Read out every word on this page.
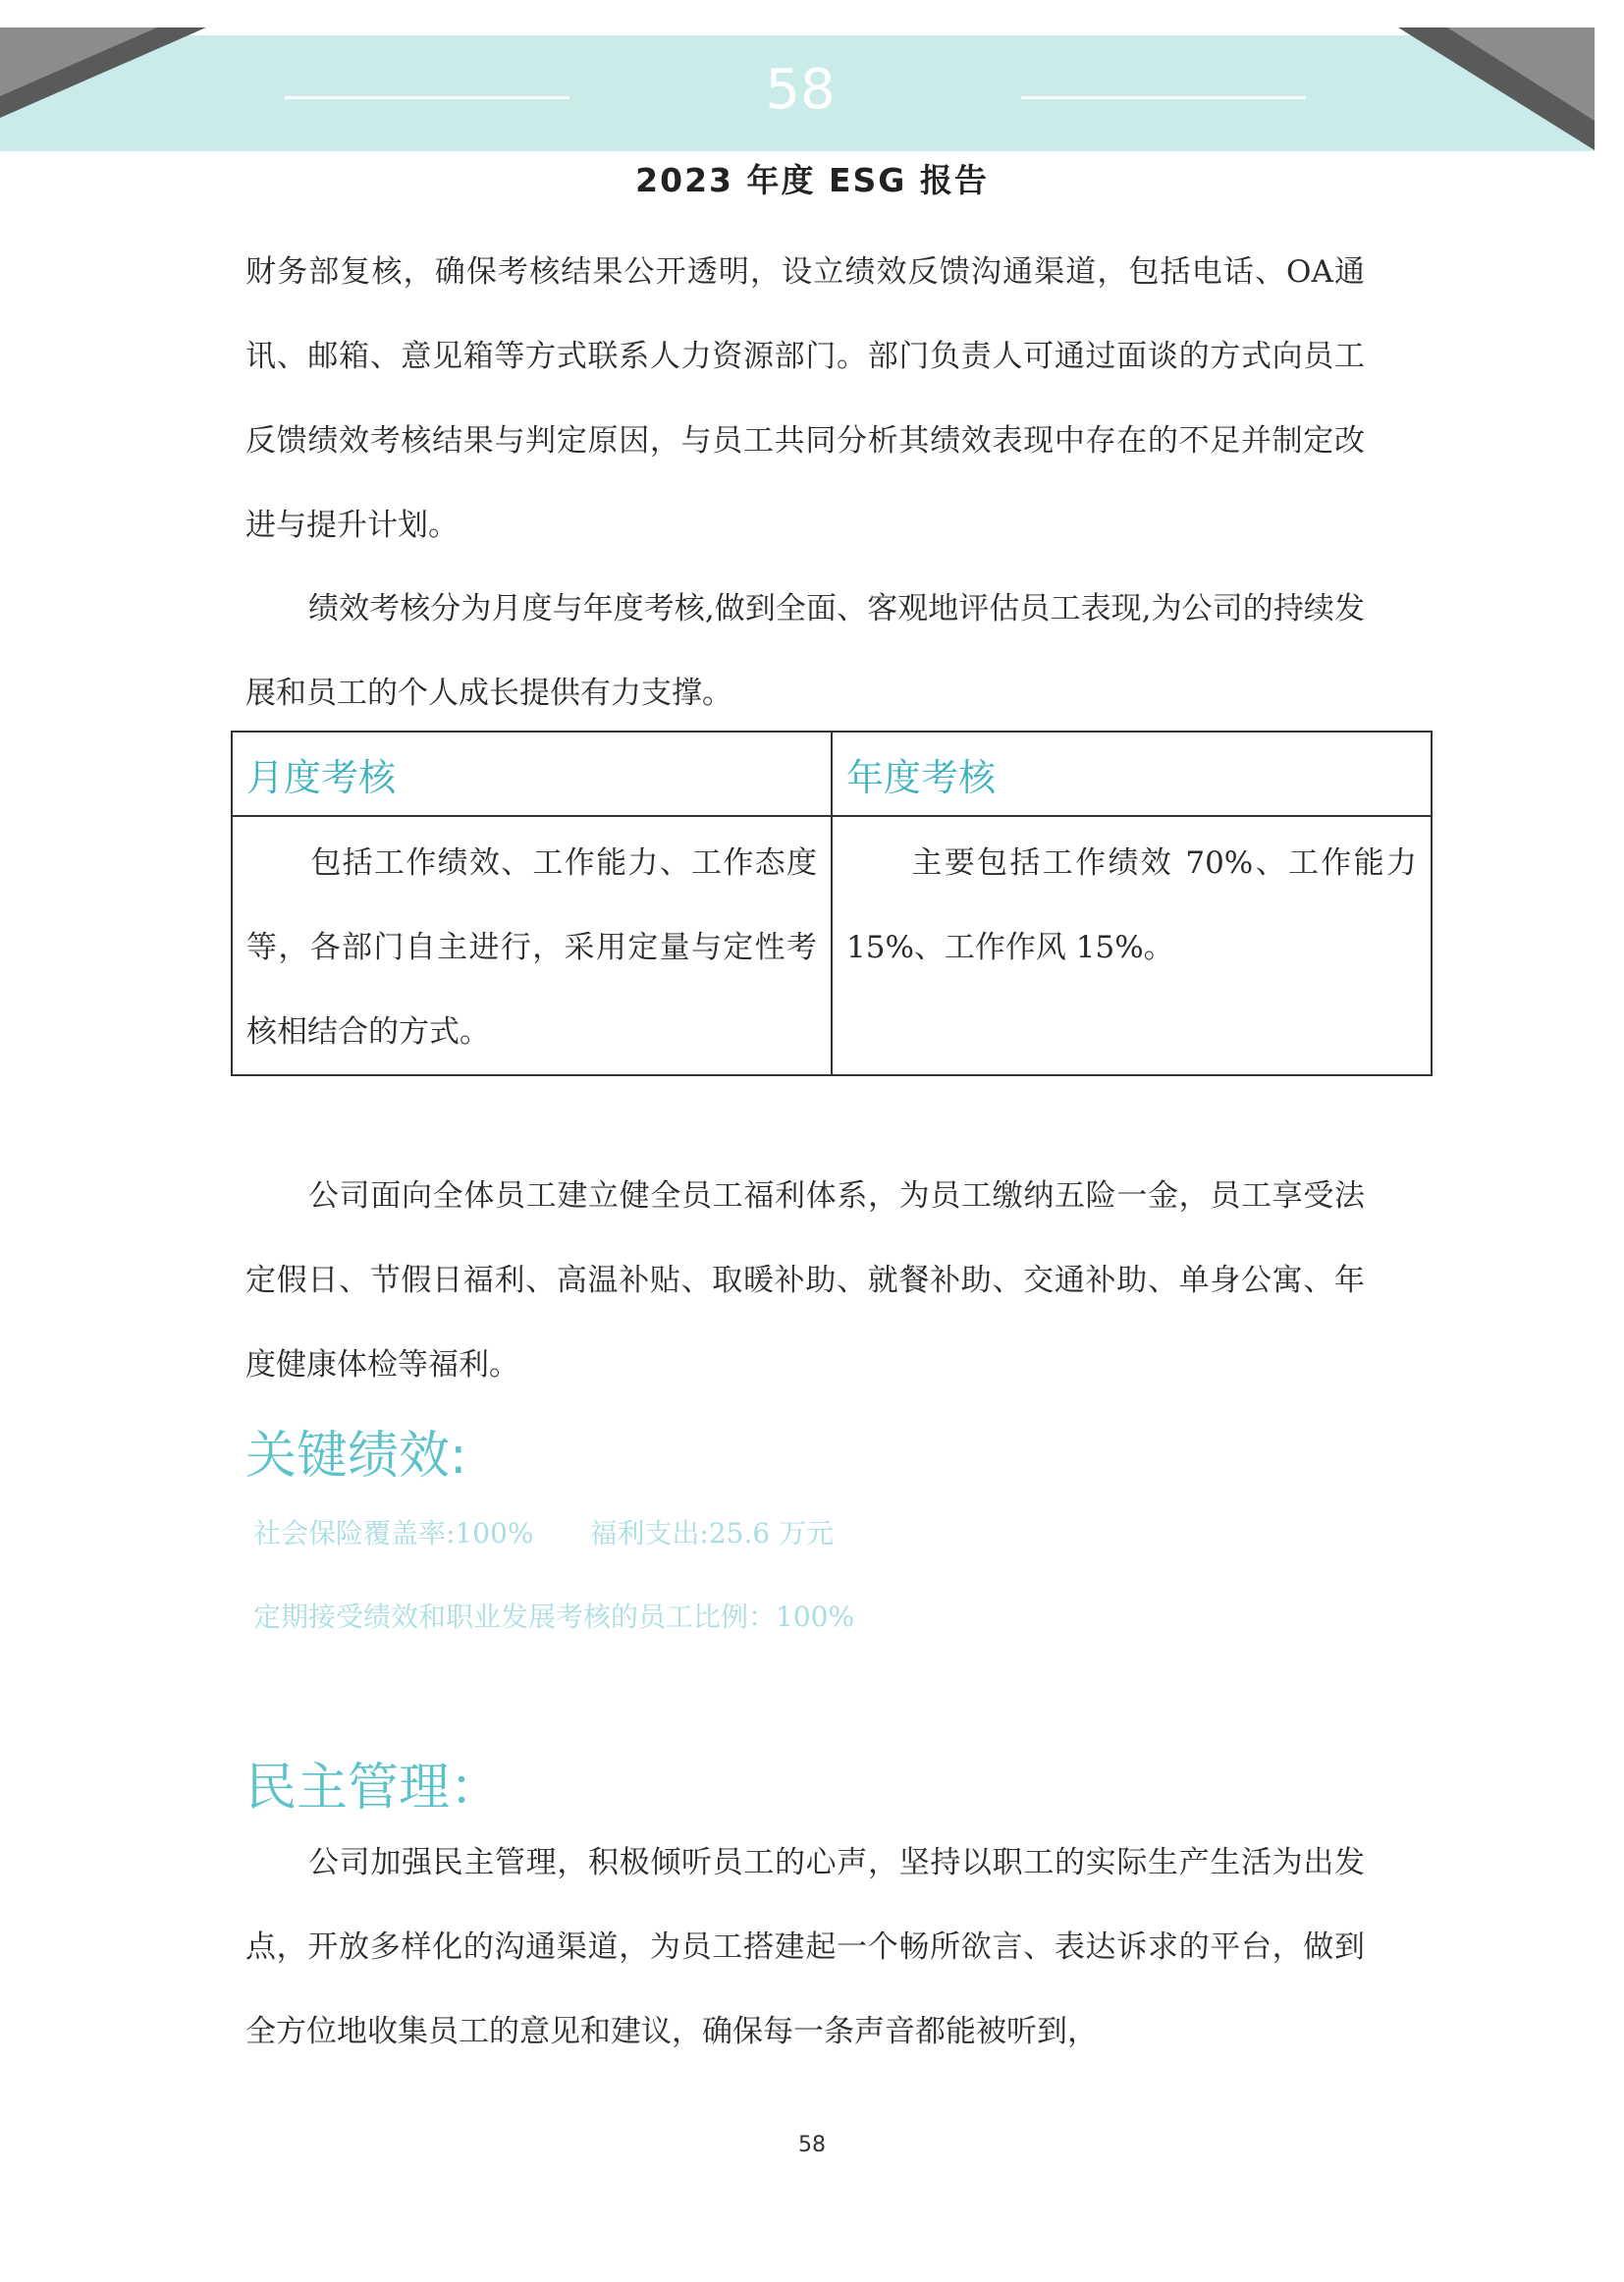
58
2023 年度 ESG 报告

财务部复核，确保考核结果公开透明，设立绩效反馈沟通渠道，包括电话、OA通讯、邮箱、意见箱等方式联系人力资源部门。部门负责人可通过面谈的方式向员工反馈绩效考核结果与判定原因，与员工共同分析其绩效表现中存在的不足并制定改进与提升计划。

绩效考核分为月度与年度考核,做到全面、客观地评估员工表现,为公司的持续发展和员工的个人成长提供有力支撑。

月度考核	年度考核
包括工作绩效、工作能力、工作态度等，各部门自主进行，采用定量与定性考核相结合的方式。	主要包括工作绩效 70%、工作能力 15%、工作作风 15%。

公司面向全体员工建立健全员工福利体系，为员工缴纳五险一金，员工享受法定假日、节假日福利、高温补贴、取暖补助、就餐补助、交通补助、单身公寓、年度健康体检等福利。

关键绩效:
社会保险覆盖率:100% 福利支出:25.6 万元
定期接受绩效和职业发展考核的员工比例：100%
民主管理：

公司加强民主管理，积极倾听员工的心声，坚持以职工的实际生产生活为出发点，开放多样化的沟通渠道，为员工搭建起一个畅所欲言、表达诉求的平台，做到全方位地收集员工的意见和建议，确保每一条声音都能被听到，

58
